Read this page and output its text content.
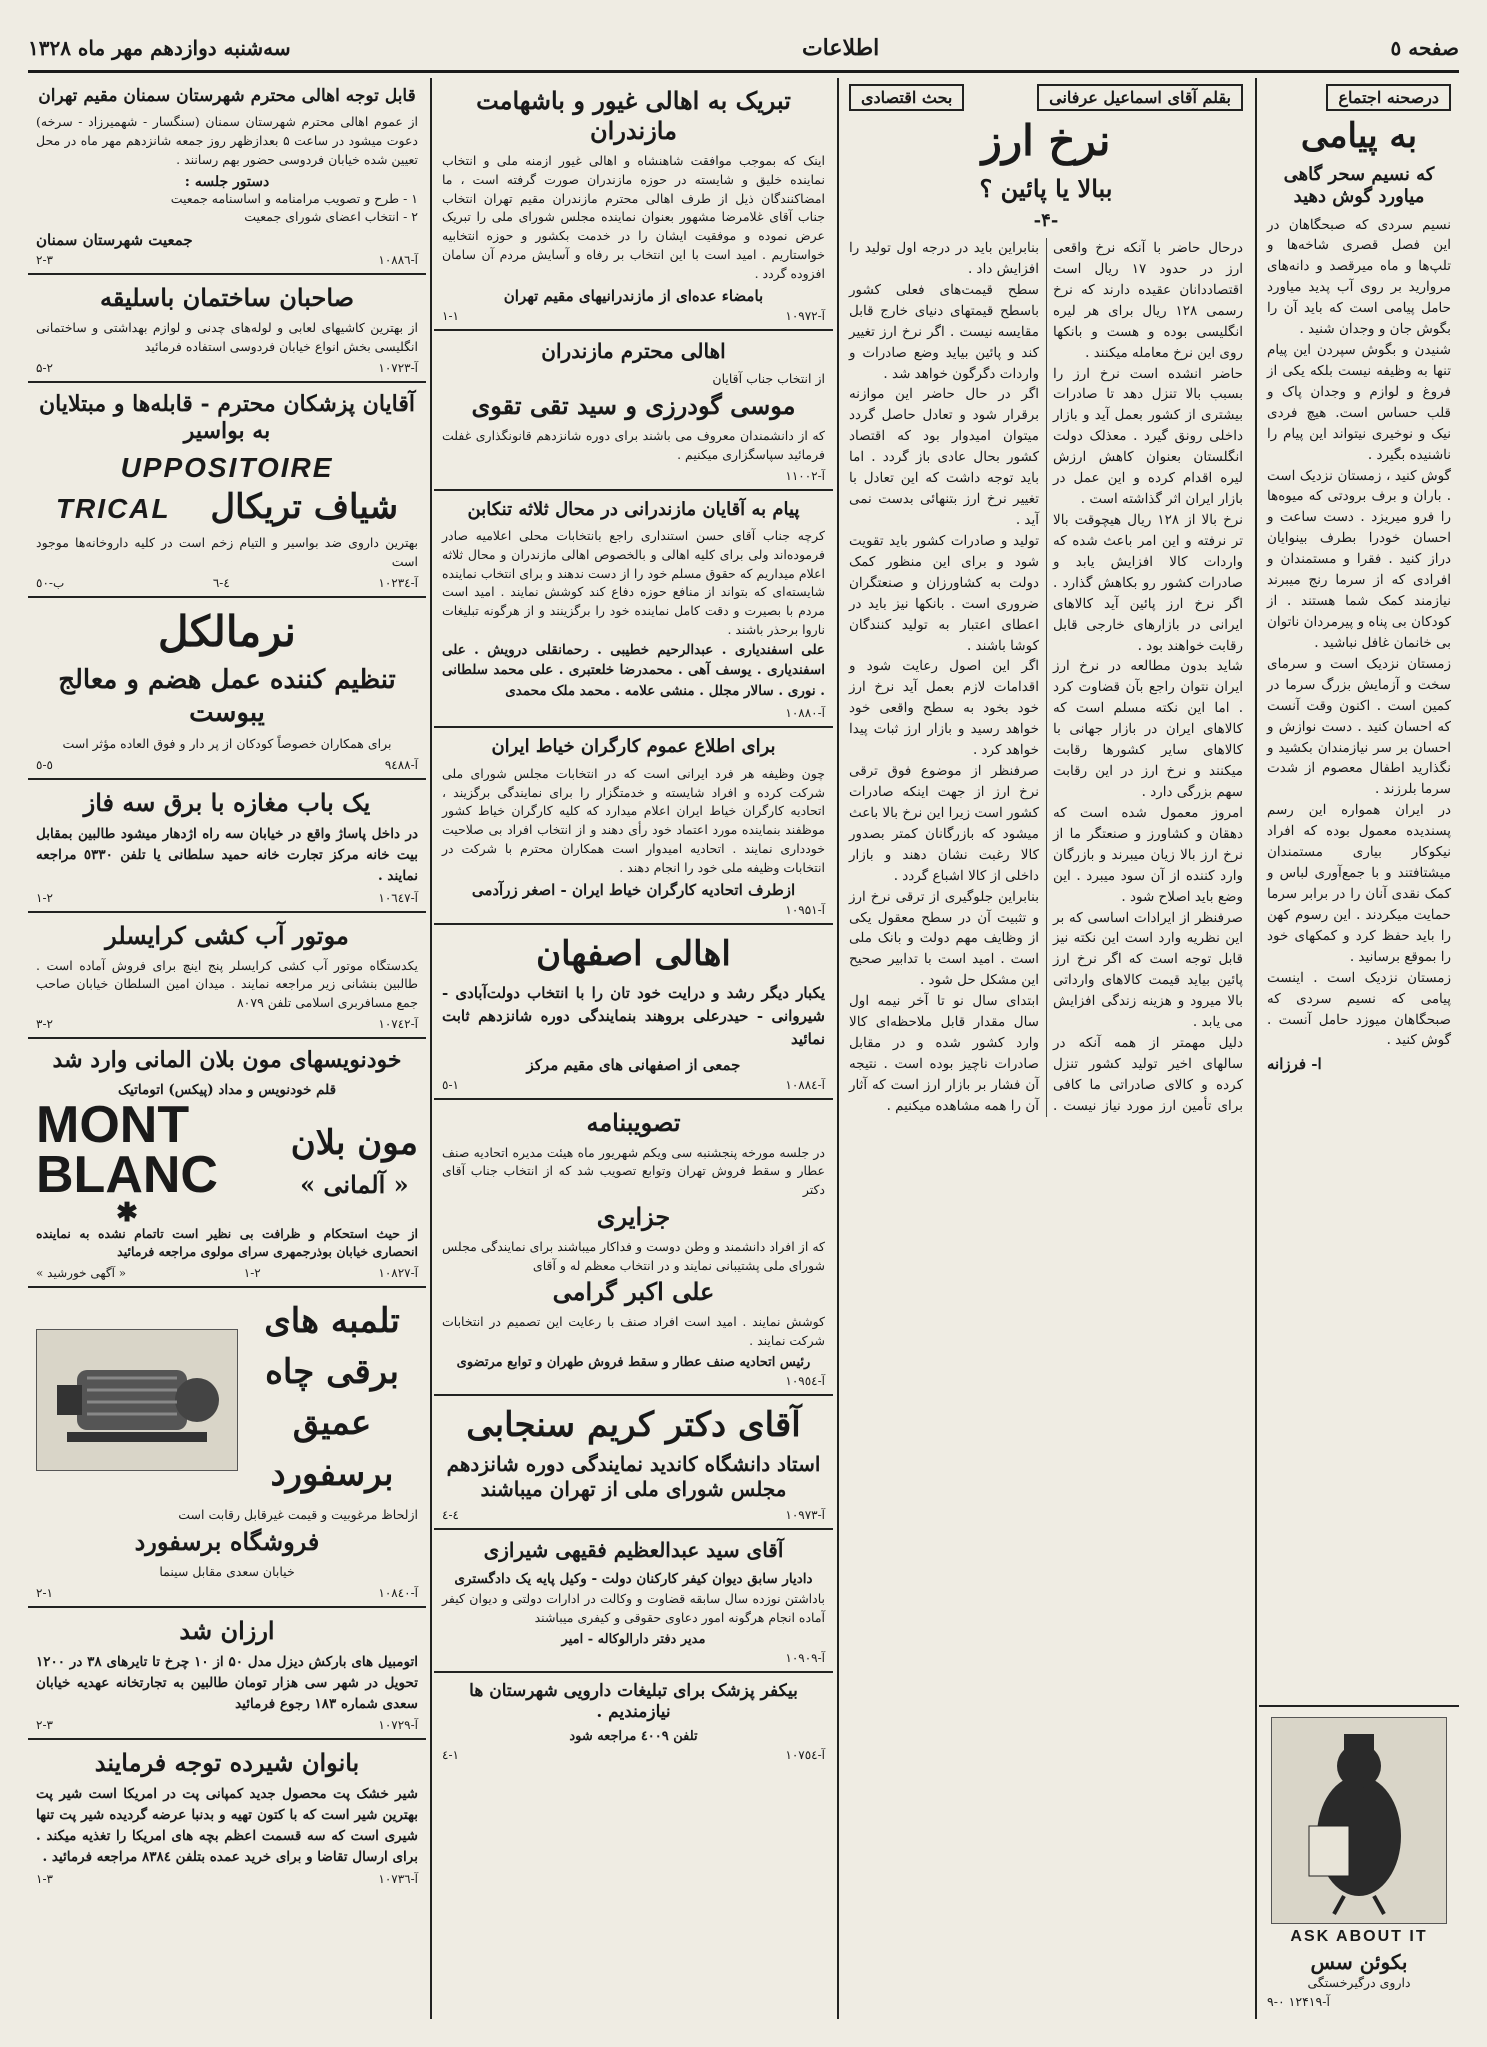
صفحه ٥
اطلاعات
سه‌شنبه دوازدهم مهر ماه ۱۳۲۸
درصحنه اجتماع
به پیامی
که نسیم سحر گاهی میاورد گوش دهید
نسیم سردی که صبحگاهان در این فصل قصری شاخه‌ها و تلپ‌ها و ماه میرقصد و دانه‌های مروارید بر روی آب پدید میاورد حامل پیامی است که باید آن را بگوش جان و وجدان شنید .
شنیدن و بگوش سپردن این پیام تنها به وظیفه نیست بلکه یکی از فروغ و لوازم و وجدان پاک و قلب حساس است. هیچ فردی نیک و نوخیری نیتواند این پیام را ناشنیده بگیرد .
گوش کنید ، زمستان نزدیک است . باران و برف برودتی که میوه‌ها را فرو میریزد . دست ساعت و احسان خودرا بطرف بینوایان دراز کنید . فقرا و مستمندان و افرادی که از سرما رنج میبرند نیازمند کمک شما هستند . از کودکان بی پناه و پیرمردان ناتوان بی خانمان غافل نباشید .
زمستان نزدیک است و سرمای سخت و آزمایش بزرگ سرما در کمین است . اکنون وقت آنست که احسان کنید . دست نوازش و احسان بر سر نیازمندان بکشید و نگذارید اطفال معصوم از شدت سرما بلرزند .
در ایران همواره این رسم پسندیده معمول بوده که افراد نیکوکار بیاری مستمندان میشتافتند و با جمع‌آوری لباس و کمک نقدی آنان را در برابر سرما حمایت میکردند . این رسوم کهن را باید حفظ کرد و کمکهای خود را بموقع برسانید .
زمستان نزدیک است . اینست پیامی که نسیم سردی که صبحگاهان میوزد حامل آنست . گوش کنید .
ا- فرزانه
ASK ABOUT IT
بکوئن سس
داروی درگیرخستگی
آ-۱۲۴۱۹ ۰-۹
بقلم آقای اسماعیل عرفانی
بحث اقتصادی
نرخ ارز
ببالا یا پائین ؟
-۴-
درحال حاضر با آنکه نرخ واقعی ارز در حدود ۱۷ ریال است اقتصاددانان عقیده دارند که نرخ رسمی ۱۲۸ ریال برای هر لیره انگلیسی بوده و هست و بانکها روی این نرخ معامله میکنند .
حاضر انشده است نرخ ارز را بسبب بالا تنزل دهد تا صادرات بیشتری از کشور بعمل آید و بازار داخلی رونق گیرد . معذلک دولت انگلستان بعنوان کاهش ارزش لیره اقدام کرده و این عمل در بازار ایران اثر گذاشته است .
نرخ بالا از ۱۲۸ ریال هیچوقت بالا تر نرفته و این امر باعث شده که واردات کالا افزایش یابد و صادرات کشور رو بکاهش گذارد . اگر نرخ ارز پائین آید کالاهای ایرانی در بازارهای خارجی قابل رقابت خواهند بود .
شاید بدون مطالعه در نرخ ارز ایران نتوان راجع بآن قضاوت کرد . اما این نکته مسلم است که کالاهای ایران در بازار جهانی با کالاهای سایر کشورها رقابت میکنند و نرخ ارز در این رقابت سهم بزرگی دارد .
امروز معمول شده است که دهقان و کشاورز و صنعتگر ما از نرخ ارز بالا زیان میبرند و بازرگان وارد کننده از آن سود میبرد . این وضع باید اصلاح شود .
صرفنظر از ایرادات اساسی که بر این نظریه وارد است این نکته نیز قابل توجه است که اگر نرخ ارز پائین بیاید قیمت کالاهای وارداتی بالا میرود و هزینه زندگی افزایش می یابد .
دلیل مهمتر از همه آنکه در سالهای اخیر تولید کشور تنزل کرده و کالای صادراتی ما کافی برای تأمین ارز مورد نیاز نیست . بنابراین باید در درجه اول تولید را افزایش داد .
سطح قیمت‌های فعلی کشور باسطح قیمتهای دنیای خارج قابل مقایسه نیست . اگر نرخ ارز تغییر کند و پائین بیاید وضع صادرات و واردات دگرگون خواهد شد .
اگر در حال حاضر این موازنه برقرار شود و تعادل حاصل گردد میتوان امیدوار بود که اقتصاد کشور بحال عادی باز گردد . اما باید توجه داشت که این تعادل با تغییر نرخ ارز بتنهائی بدست نمی آید .
تولید و صادرات کشور باید تقویت شود و برای این منظور کمک دولت به کشاورزان و صنعتگران ضروری است . بانکها نیز باید در اعطای اعتبار به تولید کنندگان کوشا باشند .
اگر این اصول رعایت شود و اقدامات لازم بعمل آید نرخ ارز خود بخود به سطح واقعی خود خواهد رسید و بازار ارز ثبات پیدا خواهد کرد .
صرفنظر از موضوع فوق ترقی نرخ ارز از جهت اینکه صادرات کشور است زیرا این نرخ بالا باعث میشود که بازرگانان کمتر بصدور کالا رغبت نشان دهند و بازار داخلی از کالا اشباع گردد .
بنابراین جلوگیری از ترقی نرخ ارز و تثبیت آن در سطح معقول یکی از وظایف مهم دولت و بانک ملی است . امید است با تدابیر صحیح این مشکل حل شود .
ابتدای سال نو تا آخر نیمه اول سال مقدار قابل ملاحظه‌ای کالا وارد کشور شده و در مقابل صادرات ناچیز بوده است . نتیجه آن فشار بر بازار ارز است که آثار آن را همه مشاهده میکنیم .
تبریک به اهالی غیور و باشهامت مازندران
اینک که بموجب موافقت شاهنشاه و اهالی غیور ازمنه ملی و انتخاب نماینده خلیق و شایسته در حوزه مازندران صورت گرفته است ، ما امضاکنندگان ذیل از طرف اهالی محترم مازندران مقیم تهران انتخاب جناب آقای غلامرضا مشهور بعنوان نماینده مجلس شورای ملی را تبریک عرض نموده و موفقیت ایشان را در خدمت بکشور و حوزه انتخابیه خواستاریم . امید است با این انتخاب بر رفاه و آسایش مردم آن سامان افزوده گردد .
بامضاء عده‌ای از مازندرانیهای مقیم تهران
آ-۱۰۹۷۲
۱-۱
اهالی محترم مازندران
از انتخاب جناب آقایان
موسی گودرزی و سید تقی تقوی
که از دانشمندان معروف می باشند برای دوره شانزدهم قانونگذاری غفلت فرمائید سپاسگزاری میکنیم .
آ-۱۱۰۰۲
پیام به آقایان مازندرانی در محال ثلاثه تنکابن
کرچه جناب آقای حسن استنداری راجع بانتخابات محلی اعلامیه صادر فرموده‌اند ولی برای کلیه اهالی و بالخصوص اهالی مازندران و محال ثلاثه اعلام میداریم که حقوق مسلم خود را از دست ندهند و برای انتخاب نماینده شایسته‌ای که بتواند از منافع حوزه دفاع کند کوشش نمایند . امید است مردم با بصیرت و دقت کامل نماینده خود را برگزینند و از هرگونه تبلیغات ناروا برحذر باشند .
علی اسفندیاری . عبدالرحیم خطیبی . رحمانقلی درویش . علی اسفندیاری . یوسف آهی . محمدرضا خلعتبری . علی محمد سلطانی . نوری . سالار مجلل . منشی علامه . محمد ملک محمدی
آ-۱۰۸۸۰
برای اطلاع عموم کارگران خیاط ایران
چون وظیفه هر فرد ایرانی است که در انتخابات مجلس شورای ملی شرکت کرده و افراد شایسته و خدمتگزار را برای نمایندگی برگزیند ، اتحادیه کارگران خیاط ایران اعلام میدارد که کلیه کارگران خیاط کشور موظفند بنماینده مورد اعتماد خود رأی دهند و از انتخاب افراد بی صلاحیت خودداری نمایند . اتحادیه امیدوار است همکاران محترم با شرکت در انتخابات وظیفه ملی خود را انجام دهند .
ازطرف اتحادیه کارگران خیاط ایران - اصغر زرآدمی
آ-۱۰۹۵۱
اهالی اصفهان
یکبار دیگر رشد و درایت خود تان را با انتخاب دولت‌آبادی - شیروانی - حیدرعلی بروهند بنمایندگی دوره شانزدهم ثابت نمائید
جمعی از اصفهانی های مقیم مرکز
آ-۱۰۸۸٤
۱-٥
تصویبنامه
در جلسه مورخه پنجشنبه سی ویکم شهریور ماه هیئت مدیره اتحادیه صنف عطار و سقط فروش تهران وتوابع تصویب شد که از انتخاب جناب آقای دکتر
جزایری
که از افراد دانشمند و وطن دوست و فداکار میباشند برای نمایندگی مجلس شورای ملی پشتیبانی نمایند و در انتخاب معظم له و آقای
علی اکبر گرامی
کوشش نمایند . امید است افراد صنف با رعایت این تصمیم در انتخابات شرکت نمایند .
رئیس اتحادیه صنف عطار و سقط فروش طهران و توابع مرتضوی
آ-۱۰۹٥٤
آقای دکتر کریم سنجابی
استاد دانشگاه کاندید نمایندگی دوره شانزدهم مجلس شورای ملی از تهران میباشند
آ-۱۰۹۷۳
٤-٤
آقای سید عبدالعظیم فقیهی شیرازی
دادیار سابق دیوان کیفر کارکنان دولت - وکیل پایه یک دادگستری
باداشتن نوزده سال سابقه قضاوت و وکالت در ادارات دولتی و دیوان کیفر آماده انجام هرگونه امور دعاوی حقوقی و کیفری میباشند
مدیر دفتر دارالوکاله - امیر
آ-۱۰۹۰۹
بیکفر پزشک برای تبلیغات دارویی شهرستان ها نیازمندیم .
تلفن ٤٠٠٩ مراجعه شود
آ-۱۰۷٥٤
۱-٤
قابل توجه اهالی محترم شهرستان سمنان مقیم تهران
از عموم اهالی محترم شهرستان سمنان (سنگسار - شهمیرزاد - سرخه) دعوت میشود در ساعت ۵ بعدازظهر روز جمعه شانزدهم مهر ماه در محل تعیین شده خیابان فردوسی حضور بهم رسانند .
دستور جلسه :
۱ - طرح و تصویب مرامنامه و اساسنامه جمعیت
۲ - انتخاب اعضای شورای جمعیت
جمعیت شهرستان سمنان
آ-۱۰۸۸٦
۲-۳
صاحبان ساختمان باسلیقه
از بهترین کاشیهای لعابی و لوله‌های چدنی و لوازم بهداشتی و ساختمانی انگلیسی بخش انواع خیابان فردوسی استفاده فرمائید
آ-۱۰۷۲۳
۵-۲
آقایان پزشکان محترم - قابله‌ها و مبتلایان به بواسیر
UPPOSITOIRE
شیاف تریکال
TRICAL
بهترین داروی ضد بواسیر و التیام زخم است در کلیه داروخانه‌ها موجود است
آ-۱۰۲۳٤
٤-٦
ب-٥٠
نرمالکل
تنظیم کننده عمل هضم و معالج یبوست
برای همکاران خصوصاً کودکان از پر دار و فوق العاده مؤثر است
آ-۹٤۸۸
٥-٥
یک باب مغازه با برق سه فاز
در داخل پاساژ واقع در خیابان سه راه اژدهار میشود طالبین بمقابل بیت خانه مرکز تجارت خانه حمید سلطانی یا تلفن ٥٣٣٠ مراجعه نمایند .
آ-۱۰٦٤۷
۱-۲
موتور آب کشی کرایسلر
یکدستگاه موتور آب کشی کرایسلر پنج اینچ برای فروش آماده است . طالبین بنشانی زیر مراجعه نمایند . میدان امین السلطان خیابان صاحب جمع مسافربری اسلامی تلفن ۸۰۷۹
آ-۱۰۷٤۲
۳-۲
خودنویسهای مون بلان المانی وارد شد
قلم خودنویس و مداد (پیکس) اتوماتیک
مون بلان
« آلمانی »
MONT
BLANC
✱
از حیث استحکام و ظرافت بی نظیر است تاتمام نشده به نماینده انحصاری خیابان بوذرجمهری سرای مولوی مراجعه فرمائید
آ-۱۰۸۲۷
۱-۲
« آگهی خورشید »
تلمبه های برقی چاه عمیق برسفورد
ازلحاظ مرغوبیت و قیمت غیرقابل رقابت است
فروشگاه برسفورد
خیابان سعدی مقابل سینما
آ-۱۰۸٤۰
۲-۱
ارزان شد
اتومبیل های بارکش دیزل مدل ۵۰ از ۱۰ چرخ تا تایرهای ۳۸ در ۱۲۰۰ تحویل در شهر سی هزار تومان طالبین به تجارتخانه عهدیه خیابان سعدی شماره ۱۸۳ رجوع فرمائید
آ-۱۰۷۲۹
۲-۳
بانوان شیرده توجه فرمایند
شیر خشک پت محصول جدید کمپانی پت در امریکا است شیر پت بهترین شیر است که با کتون تهیه و بدنبا عرضه گردیده شیر پت تنها شیری است که سه قسمت اعظم بچه های امریکا را تغذیه میکند . برای ارسال تقاضا و برای خرید عمده بتلفن ۸۳۸٤ مراجعه فرمائید .
آ-۱۰۷۳٦
۱-۳
